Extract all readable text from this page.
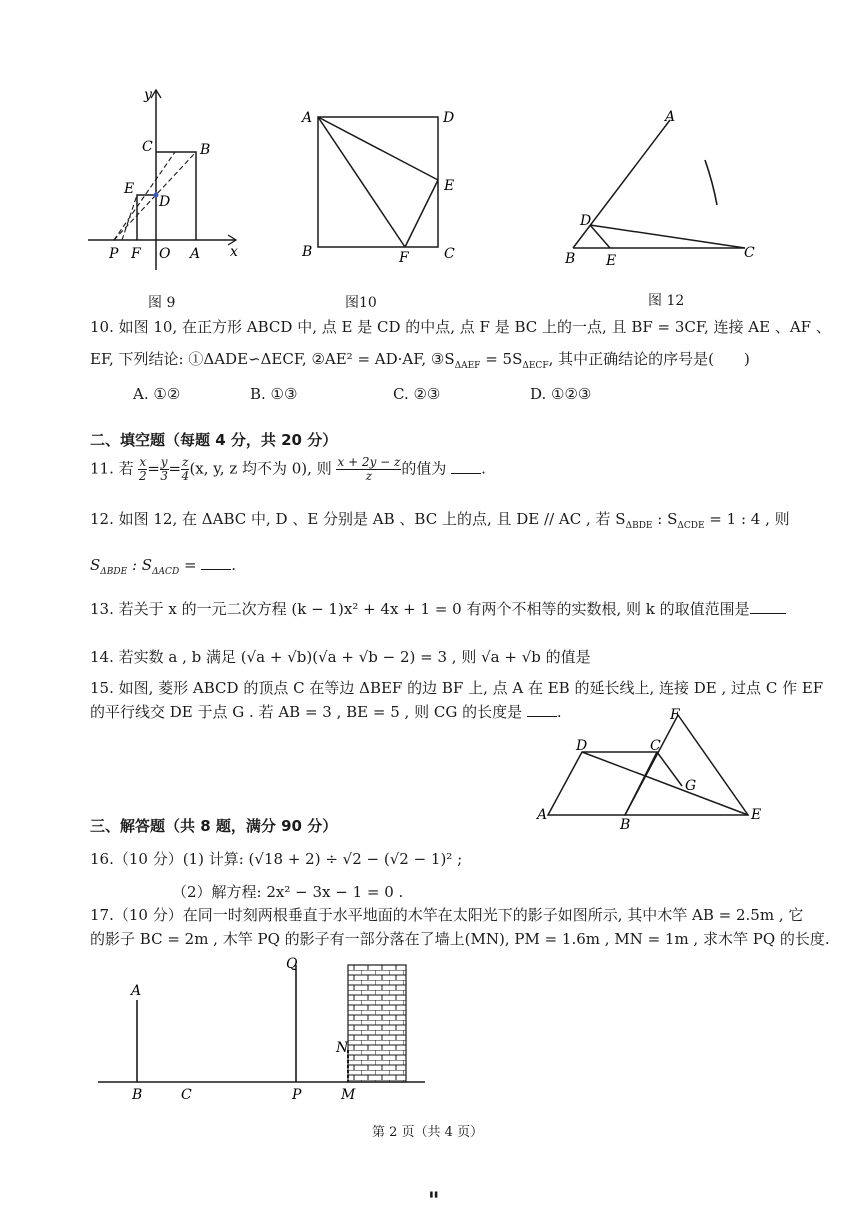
y
x
C	B
E
D
P F O A
图 9
A	D
E
B	F	C
图10
A
D
C
B E
图 12
10. 如图 10, 在正方形 ABCD 中, 点 E 是 CD 的中点, 点 F 是 BC 上的一点, 且 BF = 3CF, 连接 AE 、AF 、
EF, 下列结论: ①ΔADE∽ΔECF, ②AE² = AD·AF, $③S_{\Delta AEF} = 5S_{\Delta ECF}$, 其中正确结论的序号是(　　)
A. ①②	B. ①③	C. ②③	D. ①②③
二、填空题（每题 4 分，共 20 分）
11. 若 $\frac{x}{2} = \frac{y}{3} = \frac{z}{4} (x$, y, z 均不为 0), 则 $\frac{x + 2y - z}{z}$ 的值为 .
12. 如图 12, 在 ΔABC 中, D 、E 分别是 AB 、BC 上的点, 且 DE // AC , 若 $S_{\Delta BDE}$ : $S_{\Delta CDE} = 1$ : 4 , 则
$S_{\Delta BDE}$ : $S_{\Delta ACD}$ = .
13. 若关于 x 的一元二次方程 (k − 1)x² + 4x + 1 = 0 有两个不相等的实数根, 则 k 的取值范围是
14. 若实数 a , b 满足 (√a + √b)(√a + √b − 2) = 3 , 则 √a + √b 的值是
15. 如图, 菱形 ABCD 的顶点 C 在等边 ΔBEF 的边 BF 上, 点 A 在 EB 的延长线上, 连接 DE , 过点 C 作 EF
的平行线交 DE 于点 G . 若 AB = 3 , BE = 5 , 则 CG 的长度是 .	F
D	C
G
A
B
E
三、解答题（共 8 题，满分 90 分）
16.（10 分）(1) 计算: (√18 + 2) ÷ √2 − (√2 − 1)² ;
（2）解方程: 2x² − 3x − 1 = 0 .
17.（10 分）在同一时刻两根垂直于水平地面的木竿在太阳光下的影子如图所示, 其中木竿 AB = 2.5m , 它
的影子 BC = 2m , 木竿 PQ 的影子有一部分落在了墙上(MN), PM = 1.6m , MN = 1m , 求木竿 PQ 的长度.
A
B	C
Q
P
N
M
第 2 页（共 4 页）
"
